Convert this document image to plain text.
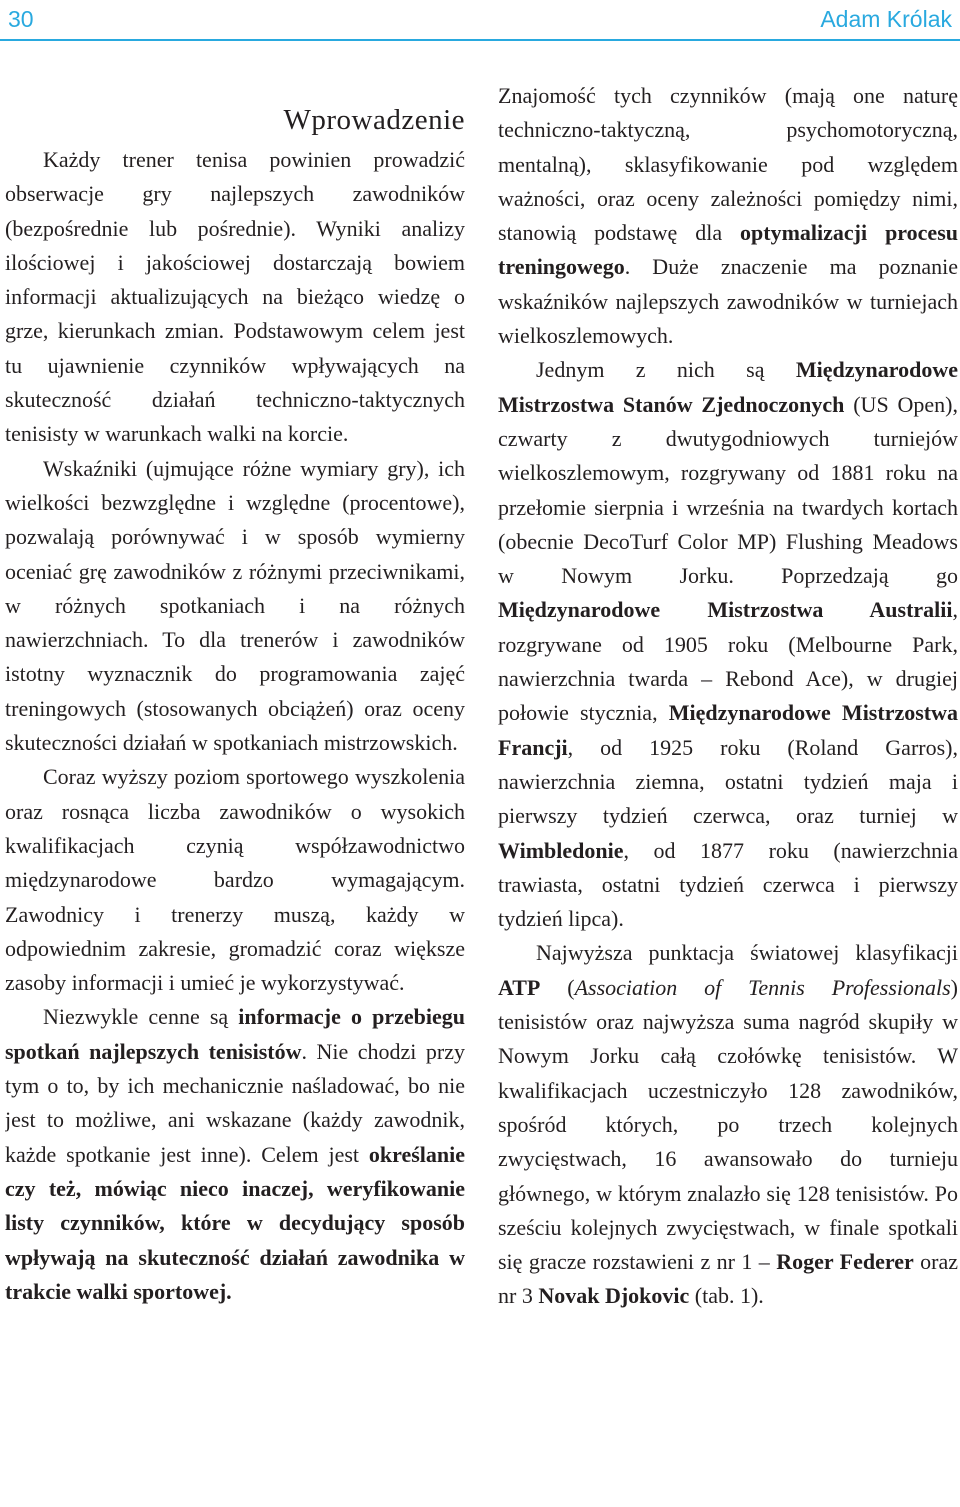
30	Adam Królak
Wprowadzenie

Każdy trener tenisa powinien prowadzić obserwacje gry najlepszych zawodników (bezpośrednie lub pośrednie). Wyniki analizy ilościowej i jakościowej dostarczają bowiem informacji aktualizujących na bieżąco wiedzę o grze, kierunkach zmian. Podstawowym celem jest tu ujawnienie czynników wpływających na skuteczność działań techniczno-taktycznych tenisisty w warunkach walki na korcie.

Wskaźniki (ujmujące różne wymiary gry), ich wielkości bezwzględne i względne (procentowe), pozwalają porównywać i w sposób wymierny oceniać grę zawodników z różnymi przeciwnikami, w różnych spotkaniach i na różnych nawierzchniach. To dla trenerów i zawodników istotny wyznacznik do programowania zajęć treningowych (stosowanych obciążeń) oraz oceny skuteczności działań w spotkaniach mistrzowskich.

Coraz wyższy poziom sportowego wyszkolenia oraz rosnąca liczba zawodników o wysokich kwalifikacjach czynią współzawodnictwo międzynarodowe bardzo wymagającym. Zawodnicy i trenerzy muszą, każdy w odpowiednim zakresie, gromadzić coraz większe zasoby informacji i umieć je wykorzystywać.

Niezwykle cenne są informacje o przebiegu spotkań najlepszych tenisistów. Nie chodzi przy tym o to, by ich mechanicznie naśladować, bo nie jest to możliwe, ani wskazane (każdy zawodnik, każde spotkanie jest inne). Celem jest określanie czy też, mówiąc nieco inaczej, weryfikowanie listy czynników, które w decydujący sposób wpływają na skuteczność działań zawodnika w trakcie walki sportowej.

Znajomość tych czynników (mają one naturę techniczno-taktyczną, psychomotoryczną, mentalną), sklasyfikowanie pod względem ważności, oraz oceny zależności pomiędzy nimi, stanowią podstawę dla optymalizacji procesu treningowego. Duże znaczenie ma poznanie wskaźników najlepszych zawodników w turniejach wielkoszlemowych.

Jednym z nich są Międzynarodowe Mistrzostwa Stanów Zjednoczonych (US Open), czwarty z dwutygodniowych turniejów wielkoszlemowym, rozgrywany od 1881 roku na przełomie sierpnia i września na twardych kortach (obecnie DecoTurf Color MP) Flushing Meadows w Nowym Jorku. Poprzedzają go Międzynarodowe Mistrzostwa Australii, rozgrywane od 1905 roku (Melbourne Park, nawierzchnia twarda – Rebond Ace), w drugiej połowie stycznia, Międzynarodowe Mistrzostwa Francji, od 1925 roku (Roland Garros), nawierzchnia ziemna, ostatni tydzień maja i pierwszy tydzień czerwca, oraz turniej w Wimbledonie, od 1877 roku (nawierzchnia trawiasta, ostatni tydzień czerwca i pierwszy tydzień lipca).

Najwyższa punktacja światowej klasyfikacji ATP (Association of Tennis Professionals) tenisistów oraz najwyższa suma nagród skupiły w Nowym Jorku całą czołówkę tenisistów. W kwalifikacjach uczestniczyło 128 zawodników, spośród których, po trzech kolejnych zwycięstwach, 16 awansowało do turnieju głównego, w którym znalazło się 128 tenisistów. Po sześciu kolejnych zwycięstwach, w finale spotkali się gracze rozstawieni z nr 1 – Roger Federer oraz nr 3 Novak Djokovic (tab. 1).
